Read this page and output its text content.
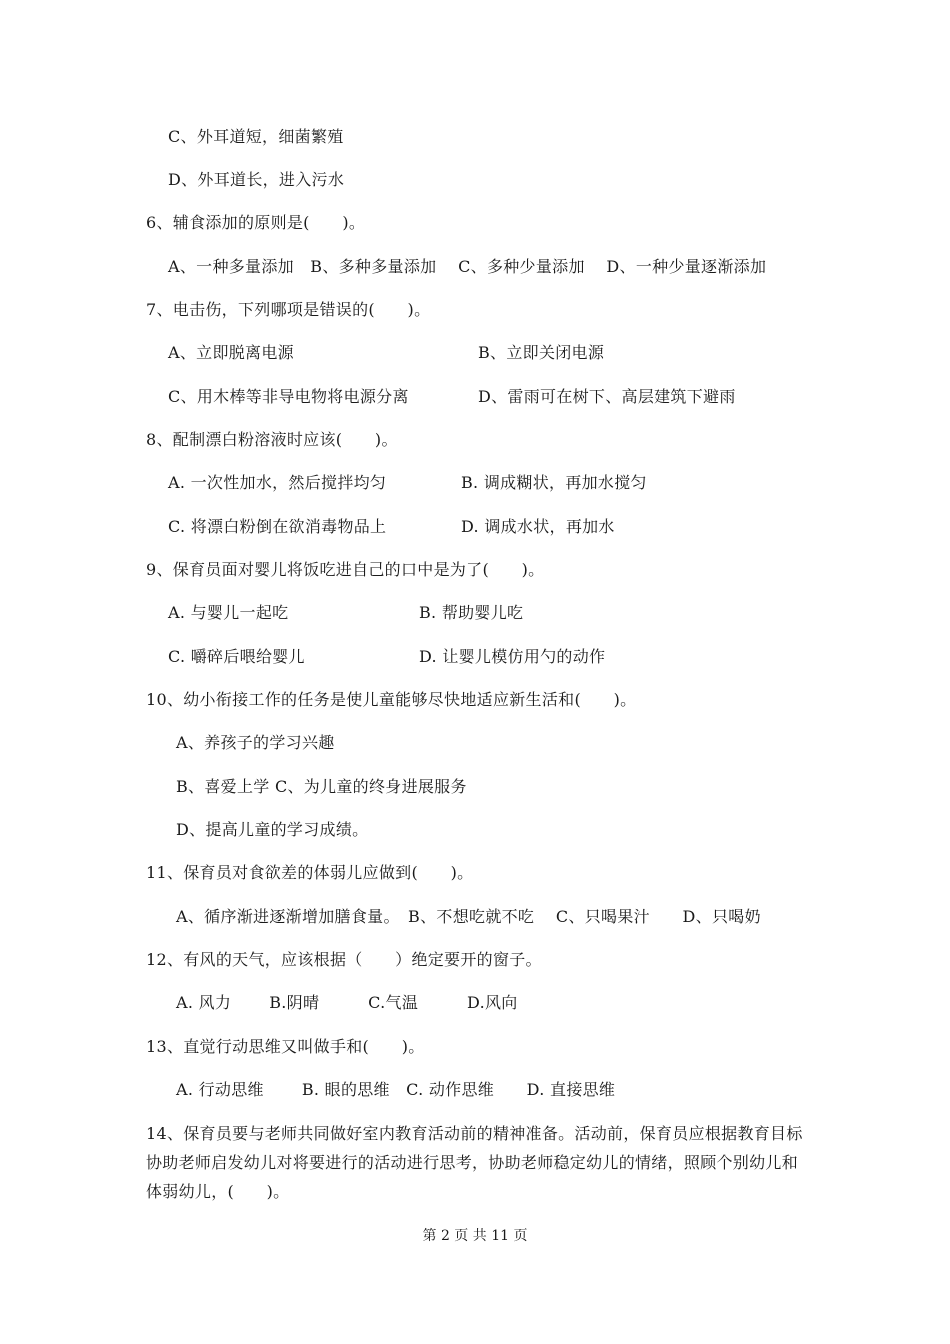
C、外耳道短，细菌繁殖
D、外耳道长，进入污水
6、辅食添加的原则是(　　)。
A、一种多量添加　B、多种多量添加　 C、多种少量添加　 D、一种少量逐渐添加
7、电击伤，下列哪项是错误的(　　)。
A、立即脱离电源	B、立即关闭电源
C、用木棒等非导电物将电源分离	D、雷雨可在树下、高层建筑下避雨
8、配制漂白粉溶液时应该(　　)。
A. 一次性加水，然后搅拌均匀	B. 调成糊状，再加水搅匀
C. 将漂白粉倒在欲消毒物品上	D. 调成水状，再加水
9、保育员面对婴儿将饭吃进自己的口中是为了(　　)。
A. 与婴儿一起吃	B. 帮助婴儿吃
C. 嚼碎后喂给婴儿	D. 让婴儿模仿用勺的动作
10、幼小衔接工作的任务是使儿童能够尽快地适应新生活和(　　)。
A、养孩子的学习兴趣
B、喜爱上学 C、为儿童的终身进展服务
D、提高儿童的学习成绩。
11、保育员对食欲差的体弱儿应做到(　　)。
A、循序渐进逐渐增加膳食量。　B、不想吃就不吃　 C、只喝果汁　　D、只喝奶
12、有风的天气，应该根据（　　）绝定要开的窗子。
A. 风力　　 B.阴晴　　　C.气温　　　D.风向
13、直觉行动思维又叫做手和(　　)。
A. 行动思维　　 B. 眼的思维　C. 动作思维　　D. 直接思维
14、保育员要与老师共同做好室内教育活动前的精神准备。活动前，保育员应根据教育目标协助老师启发幼儿对将要进行的活动进行思考，协助老师稳定幼儿的情绪，照顾个别幼儿和体弱幼儿，(　　)。
第 2 页 共 11 页
